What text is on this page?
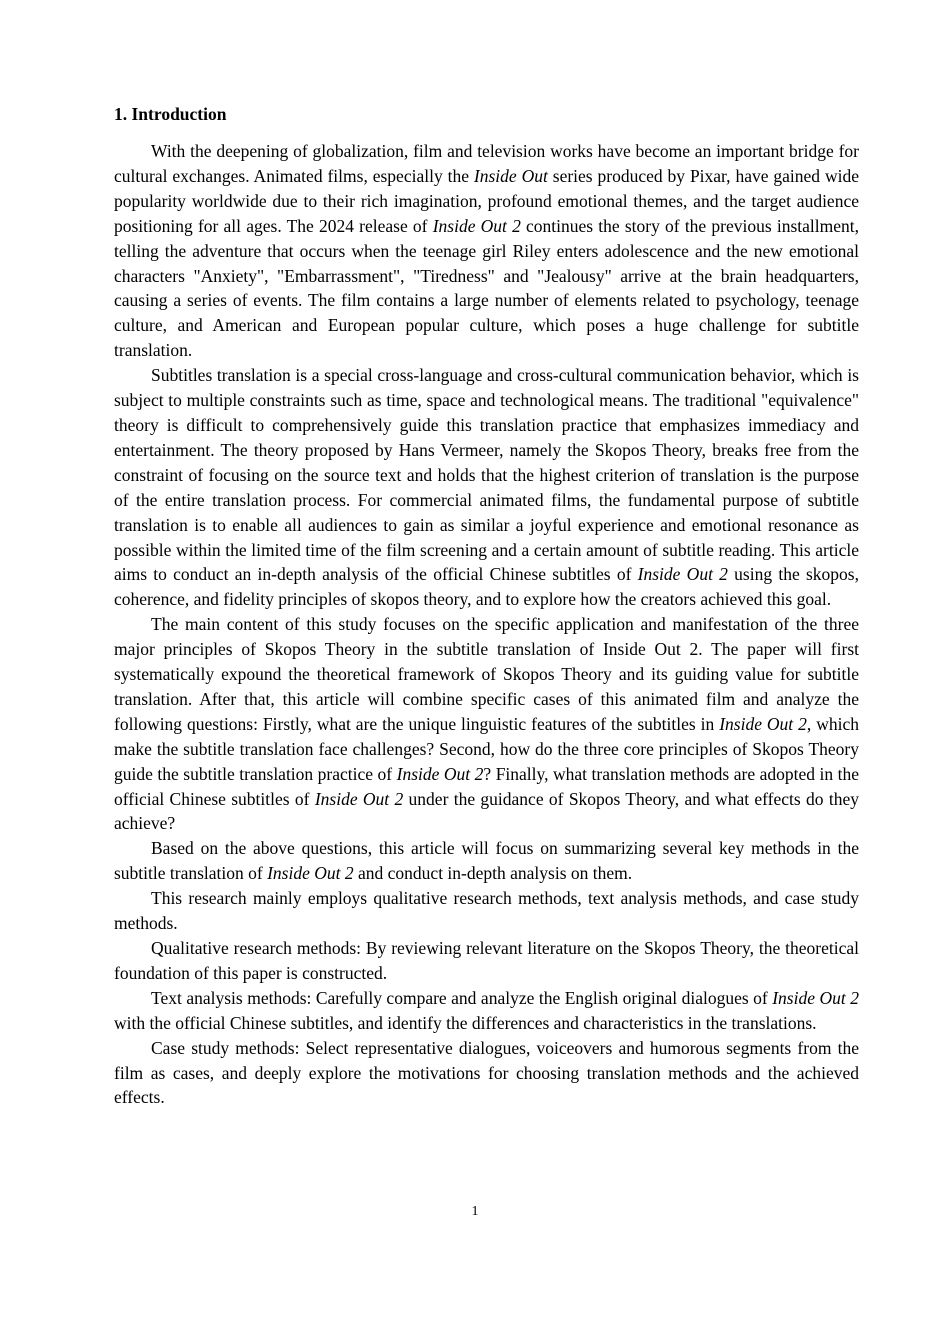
1. Introduction

With the deepening of globalization, film and television works have become an important bridge for cultural exchanges. Animated films, especially the Inside Out series produced by Pixar, have gained wide popularity worldwide due to their rich imagination, profound emotional themes, and the target audience positioning for all ages. The 2024 release of Inside Out 2 continues the story of the previous installment, telling the adventure that occurs when the teenage girl Riley enters adolescence and the new emotional characters "Anxiety", "Embarrassment", "Tiredness" and "Jealousy" arrive at the brain headquarters, causing a series of events. The film contains a large number of elements related to psychology, teenage culture, and American and European popular culture, which poses a huge challenge for subtitle translation.

Subtitles translation is a special cross-language and cross-cultural communication behavior, which is subject to multiple constraints such as time, space and technological means. The traditional "equivalence" theory is difficult to comprehensively guide this translation practice that emphasizes immediacy and entertainment. The theory proposed by Hans Vermeer, namely the Skopos Theory, breaks free from the constraint of focusing on the source text and holds that the highest criterion of translation is the purpose of the entire translation process. For commercial animated films, the fundamental purpose of subtitle translation is to enable all audiences to gain as similar a joyful experience and emotional resonance as possible within the limited time of the film screening and a certain amount of subtitle reading. This article aims to conduct an in-depth analysis of the official Chinese subtitles of Inside Out 2 using the skopos, coherence, and fidelity principles of skopos theory, and to explore how the creators achieved this goal.

The main content of this study focuses on the specific application and manifestation of the three major principles of Skopos Theory in the subtitle translation of Inside Out 2. The paper will first systematically expound the theoretical framework of Skopos Theory and its guiding value for subtitle translation. After that, this article will combine specific cases of this animated film and analyze the following questions: Firstly, what are the unique linguistic features of the subtitles in Inside Out 2, which make the subtitle translation face challenges? Second, how do the three core principles of Skopos Theory guide the subtitle translation practice of Inside Out 2? Finally, what translation methods are adopted in the official Chinese subtitles of Inside Out 2 under the guidance of Skopos Theory, and what effects do they achieve?

Based on the above questions, this article will focus on summarizing several key methods in the subtitle translation of Inside Out 2 and conduct in-depth analysis on them.

This research mainly employs qualitative research methods, text analysis methods, and case study methods.

Qualitative research methods: By reviewing relevant literature on the Skopos Theory, the theoretical foundation of this paper is constructed.

Text analysis methods: Carefully compare and analyze the English original dialogues of Inside Out 2 with the official Chinese subtitles, and identify the differences and characteristics in the translations.

Case study methods: Select representative dialogues, voiceovers and humorous segments from the film as cases, and deeply explore the motivations for choosing translation methods and the achieved effects.

1
